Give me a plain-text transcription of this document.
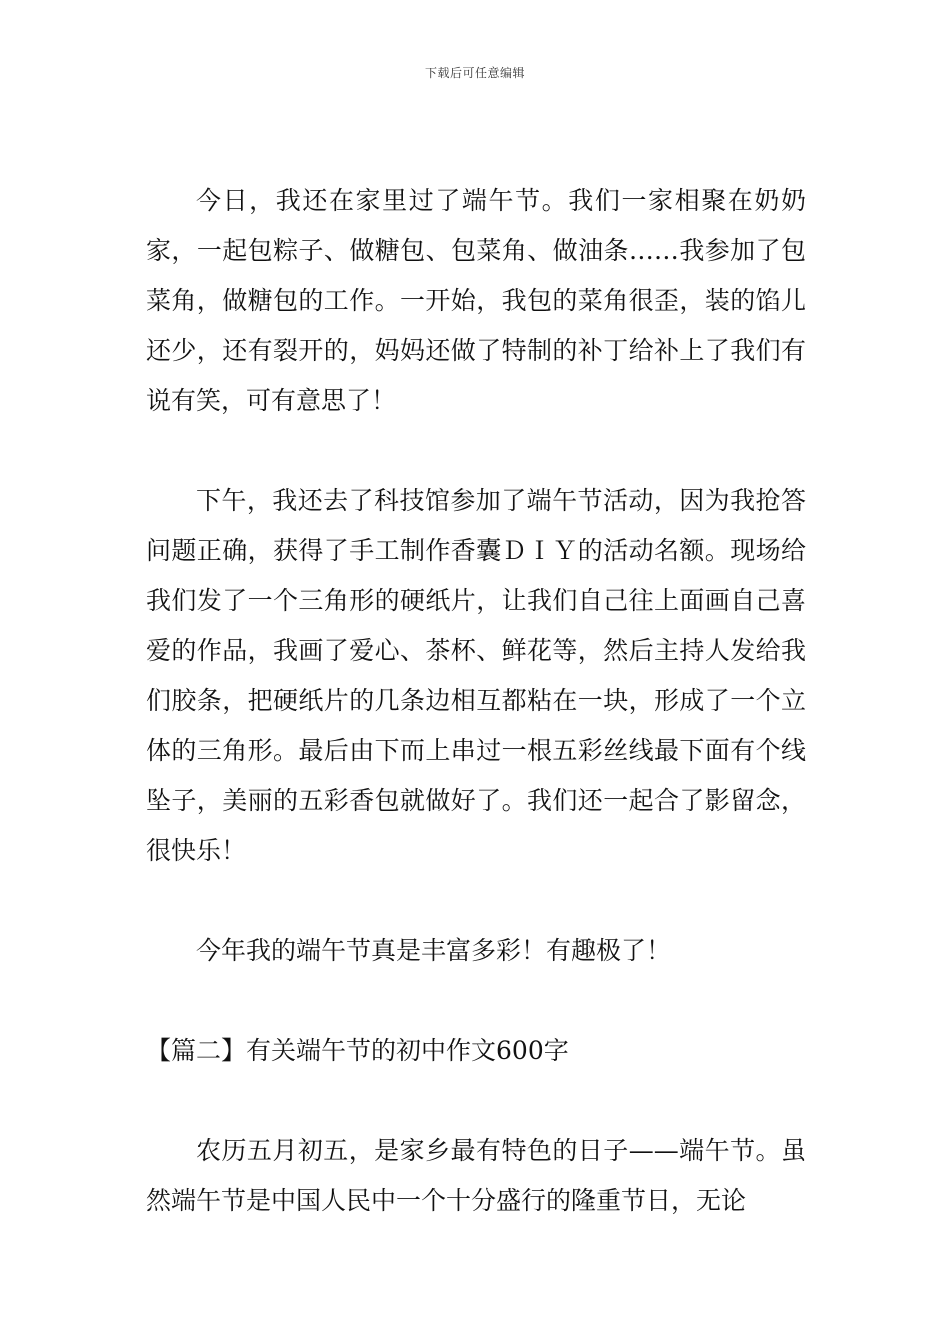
下载后可任意编辑

今日，我还在家里过了端午节。我们一家相聚在奶奶家，一起包粽子、做糖包、包菜角、做油条……我参加了包菜角，做糖包的工作。一开始，我包的菜角很歪，装的馅儿还少，还有裂开的，妈妈还做了特制的补丁给补上了我们有说有笑，可有意思了！

下午，我还去了科技馆参加了端午节活动，因为我抢答问题正确，获得了手工制作香囊ＤＩＹ的活动名额。现场给我们发了一个三角形的硬纸片，让我们自己往上面画自己喜爱的作品，我画了爱心、茶杯、鲜花等，然后主持人发给我们胶条，把硬纸片的几条边相互都粘在一块，形成了一个立体的三角形。最后由下而上串过一根五彩丝线最下面有个线坠子，美丽的五彩香包就做好了。我们还一起合了影留念，很快乐！

今年我的端午节真是丰富多彩！有趣极了！

【篇二】有关端午节的初中作文600字

农历五月初五，是家乡最有特色的日子——端午节。虽然端午节是中国人民中一个十分盛行的隆重节日，无论
